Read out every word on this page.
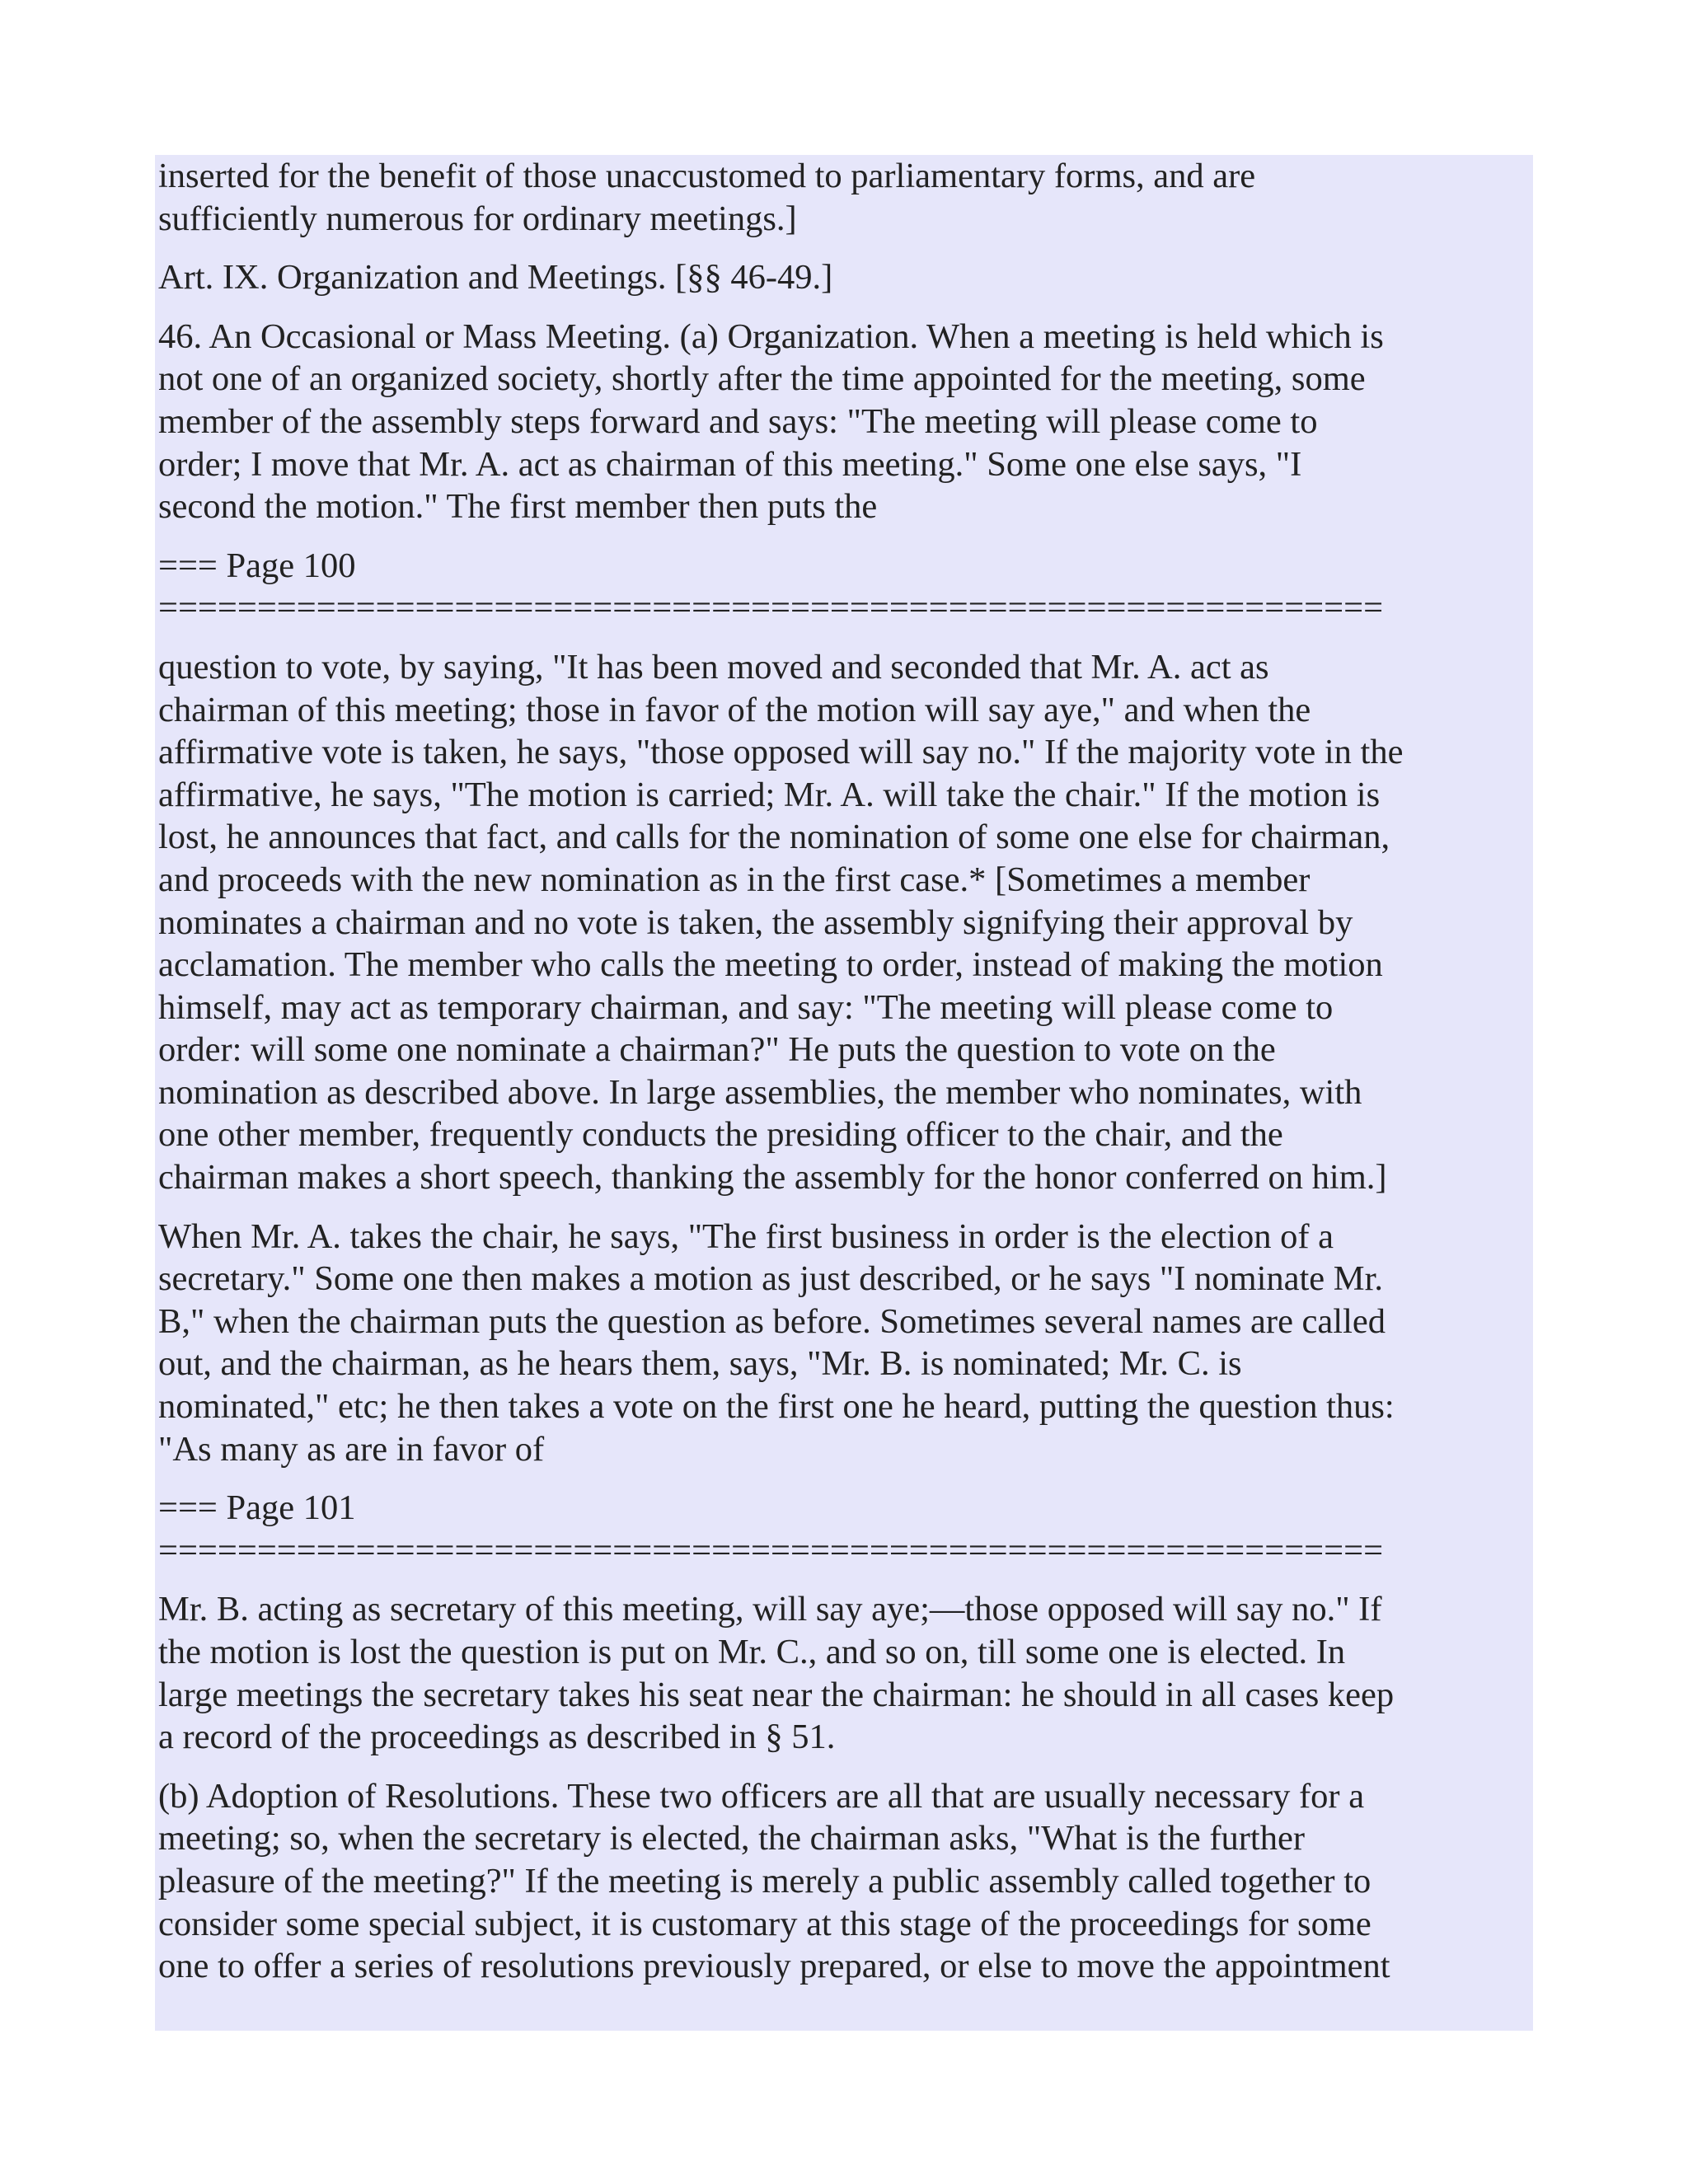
inserted for the benefit of those unaccustomed to parliamentary forms, and are
sufficiently numerous for ordinary meetings.]

Art. IX. Organization and Meetings. [§§ 46-49.]

46. An Occasional or Mass Meeting. (a) Organization. When a meeting is held which is
not one of an organized society, shortly after the time appointed for the meeting, some
member of the assembly steps forward and says: "The meeting will please come to
order; I move that Mr. A. act as chairman of this meeting." Some one else says, "I
second the motion." The first member then puts the

=== Page 100
==============================================================

question to vote, by saying, "It has been moved and seconded that Mr. A. act as
chairman of this meeting; those in favor of the motion will say aye," and when the
affirmative vote is taken, he says, "those opposed will say no." If the majority vote in the
affirmative, he says, "The motion is carried; Mr. A. will take the chair." If the motion is
lost, he announces that fact, and calls for the nomination of some one else for chairman,
and proceeds with the new nomination as in the first case.* [Sometimes a member
nominates a chairman and no vote is taken, the assembly signifying their approval by
acclamation. The member who calls the meeting to order, instead of making the motion
himself, may act as temporary chairman, and say: "The meeting will please come to
order: will some one nominate a chairman?" He puts the question to vote on the
nomination as described above. In large assemblies, the member who nominates, with
one other member, frequently conducts the presiding officer to the chair, and the
chairman makes a short speech, thanking the assembly for the honor conferred on him.]

When Mr. A. takes the chair, he says, "The first business in order is the election of a
secretary." Some one then makes a motion as just described, or he says "I nominate Mr.
B," when the chairman puts the question as before. Sometimes several names are called
out, and the chairman, as he hears them, says, "Mr. B. is nominated; Mr. C. is
nominated," etc; he then takes a vote on the first one he heard, putting the question thus:
"As many as are in favor of

=== Page 101
==============================================================

Mr. B. acting as secretary of this meeting, will say aye;—those opposed will say no." If
the motion is lost the question is put on Mr. C., and so on, till some one is elected. In
large meetings the secretary takes his seat near the chairman: he should in all cases keep
a record of the proceedings as described in § 51.

(b) Adoption of Resolutions. These two officers are all that are usually necessary for a
meeting; so, when the secretary is elected, the chairman asks, "What is the further
pleasure of the meeting?" If the meeting is merely a public assembly called together to
consider some special subject, it is customary at this stage of the proceedings for some
one to offer a series of resolutions previously prepared, or else to move the appointment
